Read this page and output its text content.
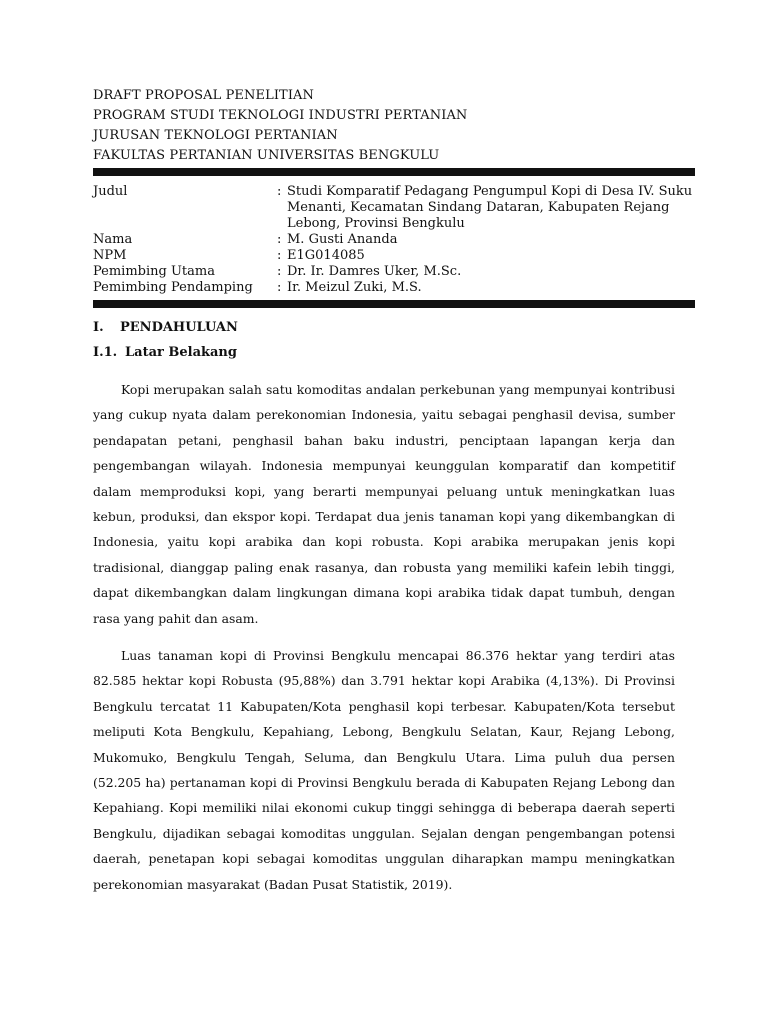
DRAFT PROPOSAL PENELITIAN
PROGRAM STUDI TEKNOLOGI INDUSTRI PERTANIAN
JURUSAN TEKNOLOGI PERTANIAN
FAKULTAS PERTANIAN UNIVERSITAS BENGKULU
Judul	: Studi Komparatif Pedagang Pengumpul Kopi di Desa IV. Suku Menanti, Kecamatan Sindang Dataran, Kabupaten Rejang Lebong, Provinsi Bengkulu
Nama	: M. Gusti Ananda
NPM	: E1G014085
Pemimbing Utama	: Dr. Ir. Damres Uker, M.Sc.
Pemimbing Pendamping	: Ir. Meizul Zuki, M.S.
I. PENDAHULUAN
I.1. Latar Belakang

Kopi merupakan salah satu komoditas andalan perkebunan yang mempunyai kontribusi yang cukup nyata dalam perekonomian Indonesia, yaitu sebagai penghasil devisa, sumber pendapatan petani, penghasil bahan baku industri, penciptaan lapangan kerja dan pengembangan wilayah. Indonesia mempunyai keunggulan komparatif dan kompetitif dalam memproduksi kopi, yang berarti mempunyai peluang untuk meningkatkan luas kebun, produksi, dan ekspor kopi. Terdapat dua jenis tanaman kopi yang dikembangkan di Indonesia, yaitu kopi arabika dan kopi robusta. Kopi arabika merupakan jenis kopi tradisional, dianggap paling enak rasanya, dan robusta yang memiliki kafein lebih tinggi, dapat dikembangkan dalam lingkungan dimana kopi arabika tidak dapat tumbuh, dengan rasa yang pahit dan asam.

Luas tanaman kopi di Provinsi Bengkulu mencapai 86.376 hektar yang terdiri atas 82.585 hektar kopi Robusta (95,88%) dan 3.791 hektar kopi Arabika (4,13%). Di Provinsi Bengkulu tercatat 11 Kabupaten/Kota penghasil kopi terbesar. Kabupaten/Kota tersebut meliputi Kota Bengkulu, Kepahiang, Lebong, Bengkulu Selatan, Kaur, Rejang Lebong, Mukomuko, Bengkulu Tengah, Seluma, dan Bengkulu Utara. Lima puluh dua persen (52.205 ha) pertanaman kopi di Provinsi Bengkulu berada di Kabupaten Rejang Lebong dan Kepahiang. Kopi memiliki nilai ekonomi cukup tinggi sehingga di beberapa daerah seperti Bengkulu, dijadikan sebagai komoditas unggulan. Sejalan dengan pengembangan potensi daerah, penetapan kopi sebagai komoditas unggulan diharapkan mampu meningkatkan perekonomian masyarakat (Badan Pusat Statistik, 2019).
